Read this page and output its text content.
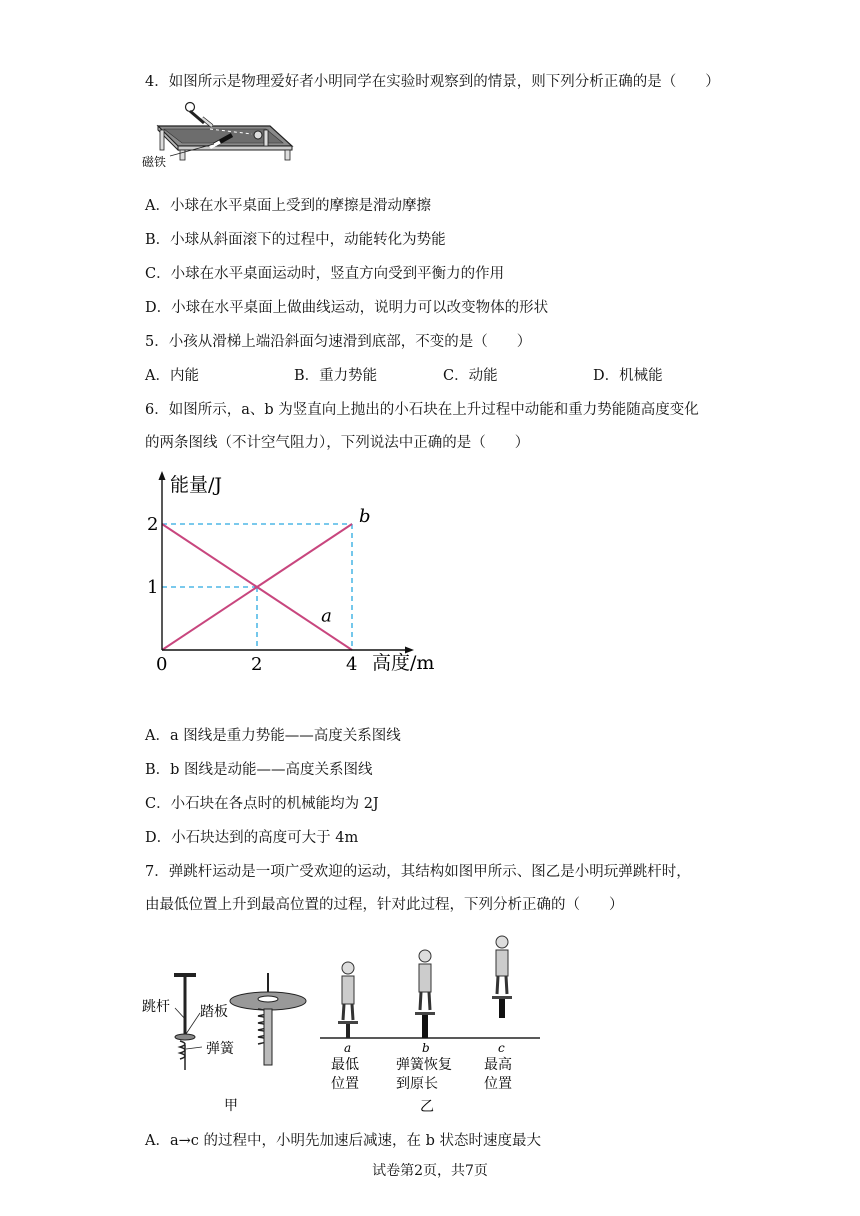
4．如图所示是物理爱好者小明同学在实验时观察到的情景，则下列分析正确的是（　　）
磁铁
A．小球在水平桌面上受到的摩擦是滑动摩擦
B．小球从斜面滚下的过程中，动能转化为势能
C．小球在水平桌面运动时，竖直方向受到平衡力的作用
D．小球在水平桌面上做曲线运动，说明力可以改变物体的形状
5．小孩从滑梯上端沿斜面匀速滑到底部，不变的是（　　）
A．内能	B．重力势能	C．动能	D．机械能
6．如图所示，a、b 为竖直向上抛出的小石块在上升过程中动能和重力势能随高度变化
的两条图线（不计空气阻力），下列说法中正确的是（　　）
能量/J
高度/m
0	2	4
1
2
a
b
A．a 图线是重力势能——高度关系图线
B．b 图线是动能——高度关系图线
C．小石块在各点时的机械能均为 2J
D．小石块达到的高度可大于 4m
7．弹跳杆运动是一项广受欢迎的运动，其结构如图甲所示、图乙是小明玩弹跳杆时，
由最低位置上升到最高位置的过程，针对此过程，下列分析正确的（　　）
跳杆 踏板
弹簧
甲
a
最低
位置
b
弹簧恢复
到原长
c
最高
位置
乙
A．a→c 的过程中，小明先加速后减速，在 b 状态时速度最大
试卷第2页，共7页
